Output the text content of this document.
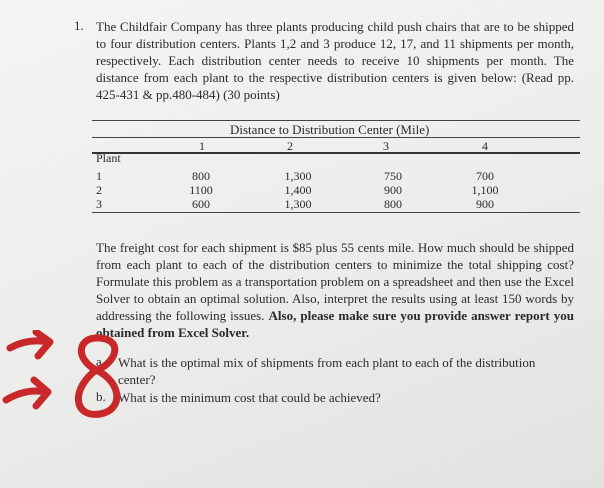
1. The Childfair Company has three plants producing child push chairs that are to be shipped to four distribution centers. Plants 1,2 and 3 produce 12, 17, and 11 shipments per month, respectively. Each distribution center needs to receive 10 shipments per month. The distance from each plant to the respective distribution centers is given below: (Read pp. 425-431 & pp.480-484) (30 points)

Distance to Distribution Center (Mile)
1	2	3	4
Plant
1	800	1,300	750	700
2	1100	1,400	900	1,100
3	600	1,300	800	900

The freight cost for each shipment is $85 plus 55 cents mile. How much should be shipped from each plant to each of the distribution centers to minimize the total shipping cost? Formulate this problem as a transportation problem on a spreadsheet and then use the Excel Solver to obtain an optimal solution. Also, interpret the results using at least 150 words by addressing the following issues. Also, please make sure you provide answer report you obtained from Excel Solver.

a. What is the optimal mix of shipments from each plant to each of the distribution
center?
b. What is the minimum cost that could be achieved?
